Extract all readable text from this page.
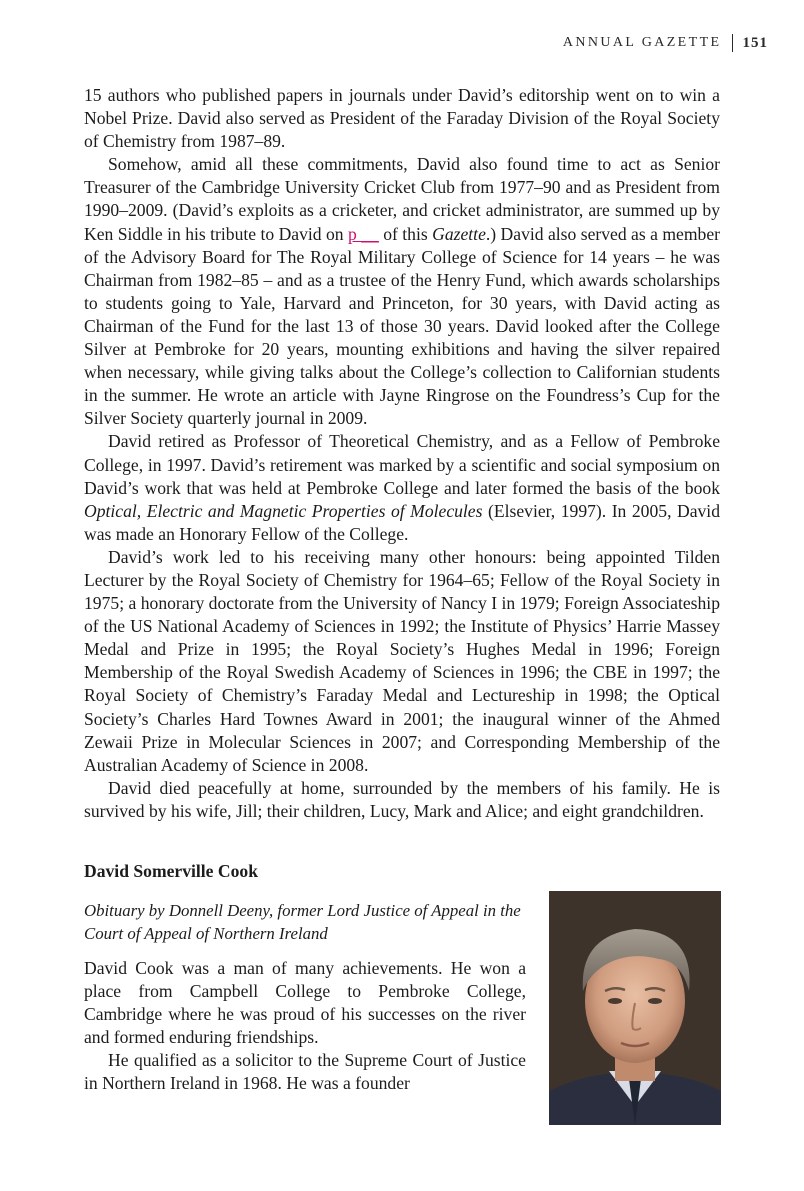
ANNUAL GAZETTE 151

15 authors who published papers in journals under David’s editorship went on to win a Nobel Prize. David also served as President of the Faraday Division of the Royal Society of Chemistry from 1987–89.

Somehow, amid all these commitments, David also found time to act as Senior Treasurer of the Cambridge University Cricket Club from 1977–90 and as President from 1990–2009. (David’s exploits as a cricketer, and cricket administrator, are summed up by Ken Siddle in his tribute to David on p __ of this Gazette.) David also served as a member of the Advisory Board for The Royal Military College of Science for 14 years – he was Chairman from 1982–85 – and as a trustee of the Henry Fund, which awards scholarships to students going to Yale, Harvard and Princeton, for 30 years, with David acting as Chairman of the Fund for the last 13 of those 30 years. David looked after the College Silver at Pembroke for 20 years, mounting exhibitions and having the silver repaired when necessary, while giving talks about the College’s collection to Californian students in the summer. He wrote an article with Jayne Ringrose on the Foundress’s Cup for the Silver Society quarterly journal in 2009.

David retired as Professor of Theoretical Chemistry, and as a Fellow of Pembroke College, in 1997. David’s retirement was marked by a scientific and social symposium on David’s work that was held at Pembroke College and later formed the basis of the book Optical, Electric and Magnetic Properties of Molecules (Elsevier, 1997). In 2005, David was made an Honorary Fellow of the College.

David’s work led to his receiving many other honours: being appointed Tilden Lecturer by the Royal Society of Chemistry for 1964–65; Fellow of the Royal Society in 1975; a honorary doctorate from the University of Nancy I in 1979; Foreign Associateship of the US National Academy of Sciences in 1992; the Institute of Physics’ Harrie Massey Medal and Prize in 1995; the Royal Society’s Hughes Medal in 1996; Foreign Membership of the Royal Swedish Academy of Sciences in 1996; the CBE in 1997; the Royal Society of Chemistry’s Faraday Medal and Lectureship in 1998; the Optical Society’s Charles Hard Townes Award in 2001; the inaugural winner of the Ahmed Zewaii Prize in Molecular Sciences in 2007; and Corresponding Membership of the Australian Academy of Science in 2008.

David died peacefully at home, surrounded by the members of his family. He is survived by his wife, Jill; their children, Lucy, Mark and Alice; and eight grandchildren.

David Somerville Cook
Obituary by Donnell Deeny, former Lord Justice of Appeal in the Court of Appeal of Northern Ireland

David Cook was a man of many achievements. He won a place from Campbell College to Pembroke College, Cambridge where he was proud of his successes on the river and formed enduring friendships.

He qualified as a solicitor to the Supreme Court of Justice in Northern Ireland in 1968. He was a founder
